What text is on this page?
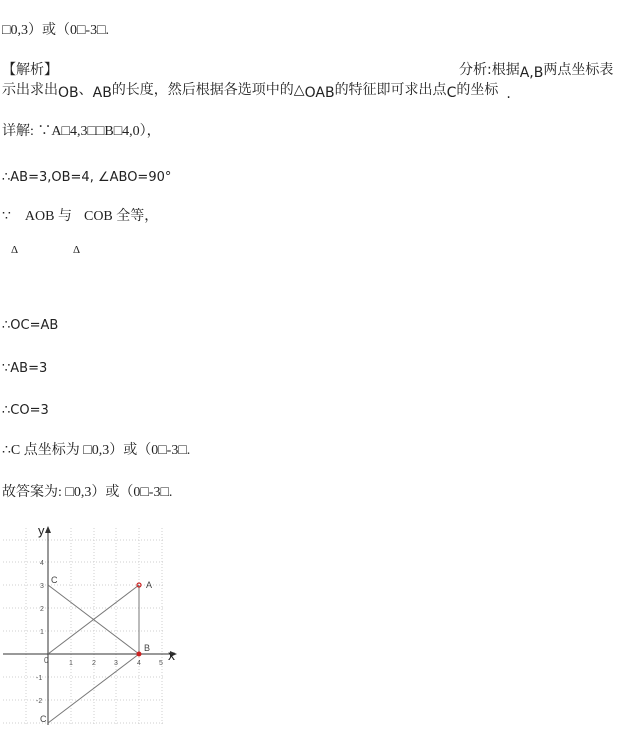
□0,3）或（0□-3□.
【解析】	分析:根据A,B两点坐标表
示出求出OB、AB的长度，然后根据各选项中的△OAB的特征即可求出点C的坐标 .
详解: ∵A□4,3□□B□4,0），
∴AB=3,OB=4, ∠ABO=90°
∵ AOB 与 COB 全等，
Δ	Δ
∴OC=AB
∵AB=3
∴CO=3
∴C 点坐标为 □0,3）或（0□-3□.
故答案为: □0,3）或（0□-3□.
x
y
0
A
B
C
C
1	2	3	4	5
4
3
2
1
-1
-2
